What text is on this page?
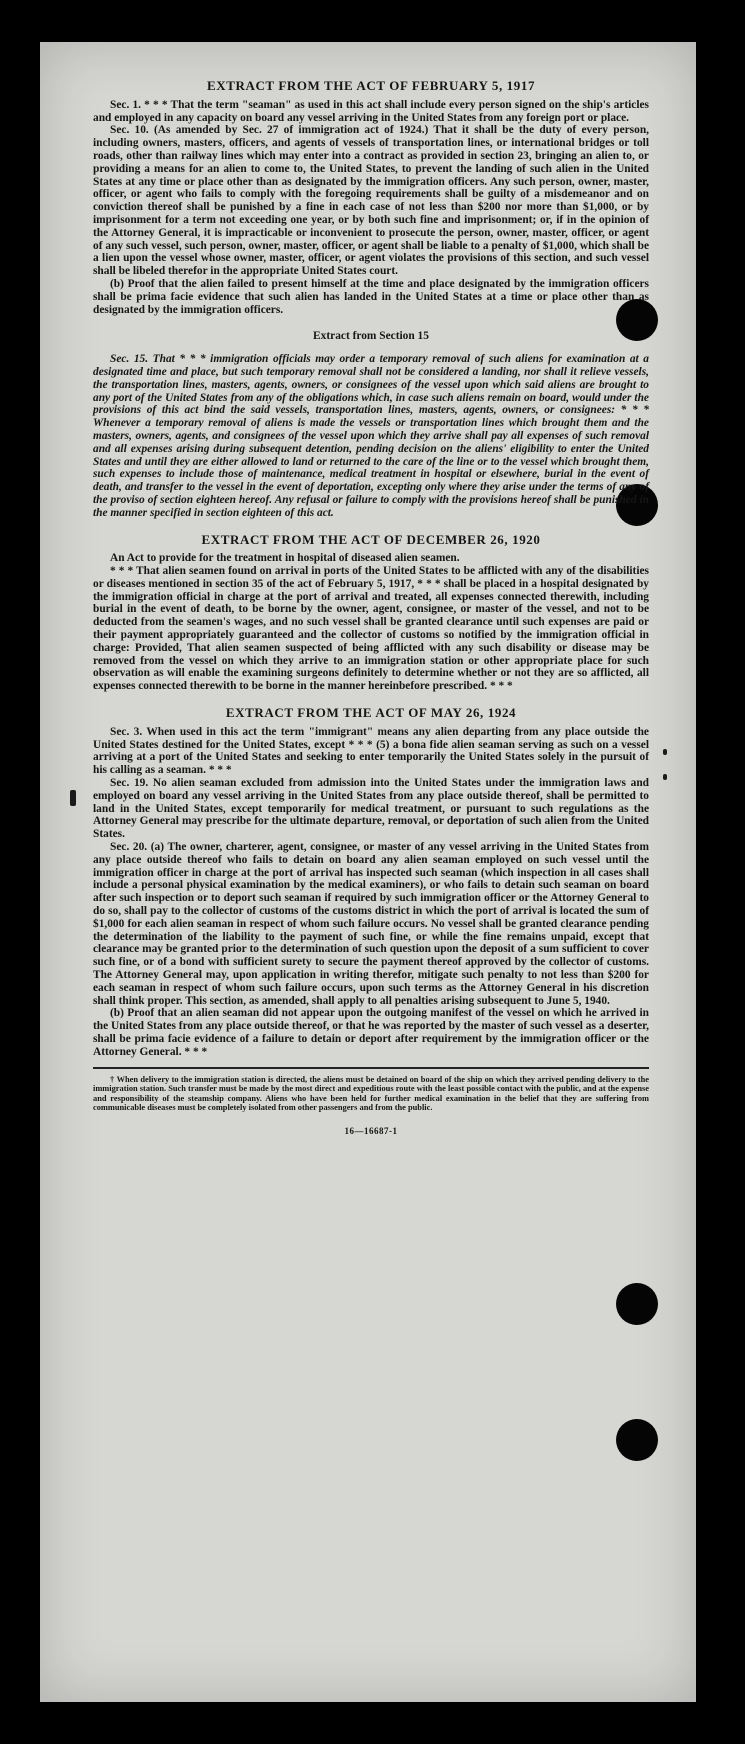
EXTRACT FROM THE ACT OF FEBRUARY 5, 1917

Sec. 1. * * * That the term "seaman" as used in this act shall include every person signed on the ship's articles and employed in any capacity on board any vessel arriving in the United States from any foreign port or place.

Sec. 10. (As amended by Sec. 27 of immigration act of 1924.) That it shall be the duty of every person, including owners, masters, officers, and agents of vessels of transportation lines, or international bridges or toll roads, other than railway lines which may enter into a contract as provided in section 23, bringing an alien to, or providing a means for an alien to come to, the United States, to prevent the landing of such alien in the United States at any time or place other than as designated by the immigration officers. Any such person, owner, master, officer, or agent who fails to comply with the foregoing requirements shall be guilty of a misdemeanor and on conviction thereof shall be punished by a fine in each case of not less than $200 nor more than $1,000, or by imprisonment for a term not exceeding one year, or by both such fine and imprisonment; or, if in the opinion of the Attorney General, it is impracticable or inconvenient to prosecute the person, owner, master, officer, or agent of any such vessel, such person, owner, master, officer, or agent shall be liable to a penalty of $1,000, which shall be a lien upon the vessel whose owner, master, officer, or agent violates the provisions of this section, and such vessel shall be libeled therefor in the appropriate United States court.

(b) Proof that the alien failed to present himself at the time and place designated by the immigration officers shall be prima facie evidence that such alien has landed in the United States at a time or place other than as designated by the immigration officers.

Extract from Section 15

Sec. 15. That * * * immigration officials may order a temporary removal of such aliens for examination at a designated time and place, but such temporary removal shall not be considered a landing, nor shall it relieve vessels, the transportation lines, masters, agents, owners, or consignees of the vessel upon which said aliens are brought to any port of the United States from any of the obligations which, in case such aliens remain on board, would under the provisions of this act bind the said vessels, transportation lines, masters, agents, owners, or consignees: * * * Whenever a temporary removal of aliens is made the vessels or transportation lines which brought them and the masters, owners, agents, and consignees of the vessel upon which they arrive shall pay all expenses of such removal and all expenses arising during subsequent detention, pending decision on the aliens' eligibility to enter the United States and until they are either allowed to land or returned to the care of the line or to the vessel which brought them, such expenses to include those of maintenance, medical treatment in hospital or elsewhere, burial in the event of death, and transfer to the vessel in the event of deportation, excepting only where they arise under the terms of any of the proviso of section eighteen hereof. Any refusal or failure to comply with the provisions hereof shall be punished in the manner specified in section eighteen of this act.

EXTRACT FROM THE ACT OF DECEMBER 26, 1920

An Act to provide for the treatment in hospital of diseased alien seamen.

* * * That alien seamen found on arrival in ports of the United States to be afflicted with any of the disabilities or diseases mentioned in section 35 of the act of February 5, 1917, * * * shall be placed in a hospital designated by the immigration official in charge at the port of arrival and treated, all expenses connected therewith, including burial in the event of death, to be borne by the owner, agent, consignee, or master of the vessel, and not to be deducted from the seamen's wages, and no such vessel shall be granted clearance until such expenses are paid or their payment appropriately guaranteed and the collector of customs so notified by the immigration official in charge: Provided, That alien seamen suspected of being afflicted with any such disability or disease may be removed from the vessel on which they arrive to an immigration station or other appropriate place for such observation as will enable the examining surgeons definitely to determine whether or not they are so afflicted, all expenses connected therewith to be borne in the manner hereinbefore prescribed. * * *

EXTRACT FROM THE ACT OF MAY 26, 1924

Sec. 3. When used in this act the term "immigrant" means any alien departing from any place outside the United States destined for the United States, except * * * (5) a bona fide alien seaman serving as such on a vessel arriving at a port of the United States and seeking to enter temporarily the United States solely in the pursuit of his calling as a seaman. * * *

Sec. 19. No alien seaman excluded from admission into the United States under the immigration laws and employed on board any vessel arriving in the United States from any place outside thereof, shall be permitted to land in the United States, except temporarily for medical treatment, or pursuant to such regulations as the Attorney General may prescribe for the ultimate departure, removal, or deportation of such alien from the United States.

Sec. 20. (a) The owner, charterer, agent, consignee, or master of any vessel arriving in the United States from any place outside thereof who fails to detain on board any alien seaman employed on such vessel until the immigration officer in charge at the port of arrival has inspected such seaman (which inspection in all cases shall include a personal physical examination by the medical examiners), or who fails to detain such seaman on board after such inspection or to deport such seaman if required by such immigration officer or the Attorney General to do so, shall pay to the collector of customs of the customs district in which the port of arrival is located the sum of $1,000 for each alien seaman in respect of whom such failure occurs. No vessel shall be granted clearance pending the determination of the liability to the payment of such fine, or while the fine remains unpaid, except that clearance may be granted prior to the determination of such question upon the deposit of a sum sufficient to cover such fine, or of a bond with sufficient surety to secure the payment thereof approved by the collector of customs. The Attorney General may, upon application in writing therefor, mitigate such penalty to not less than $200 for each seaman in respect of whom such failure occurs, upon such terms as the Attorney General in his discretion shall think proper. This section, as amended, shall apply to all penalties arising subsequent to June 5, 1940.

(b) Proof that an alien seaman did not appear upon the outgoing manifest of the vessel on which he arrived in the United States from any place outside thereof, or that he was reported by the master of such vessel as a deserter, shall be prima facie evidence of a failure to detain or deport after requirement by the immigration officer or the Attorney General. * * *

† When delivery to the immigration station is directed, the aliens must be detained on board of the ship on which they arrived pending delivery to the immigration station. Such transfer must be made by the most direct and expeditious route with the least possible contact with the public, and at the expense and responsibility of the steamship company. Aliens who have been held for further medical examination in the belief that they are suffering from communicable diseases must be completely isolated from other passengers and from the public.

16—16687-1
